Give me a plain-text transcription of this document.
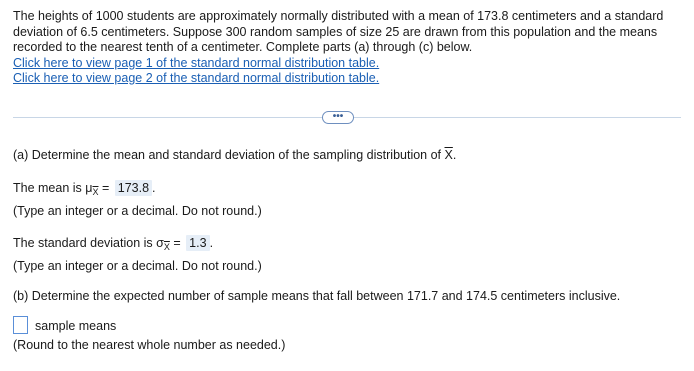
The heights of 1000 students are approximately normally distributed with a mean of 173.8 centimeters and a standard deviation of 6.5 centimeters. Suppose 300 random samples of size 25 are drawn from this population and the means recorded to the nearest tenth of a centimeter. Complete parts (a) through (c) below.

Click here to view page 1 of the standard normal distribution table.
Click here to view page 2 of the standard normal distribution table.
•••
(a) Determine the mean and standard deviation of the sampling distribution of $\overline{X}$.
The mean is $\mu_{\overline{X}} = 173.8$ .
(Type an integer or a decimal. Do not round.)
The standard deviation is $\sigma_{\overline{X}} = 1.3$ .
(Type an integer or a decimal. Do not round.)
(b) Determine the expected number of sample means that fall between 171.7 and 174.5 centimeters inclusive.
sample means
(Round to the nearest whole number as needed.)
